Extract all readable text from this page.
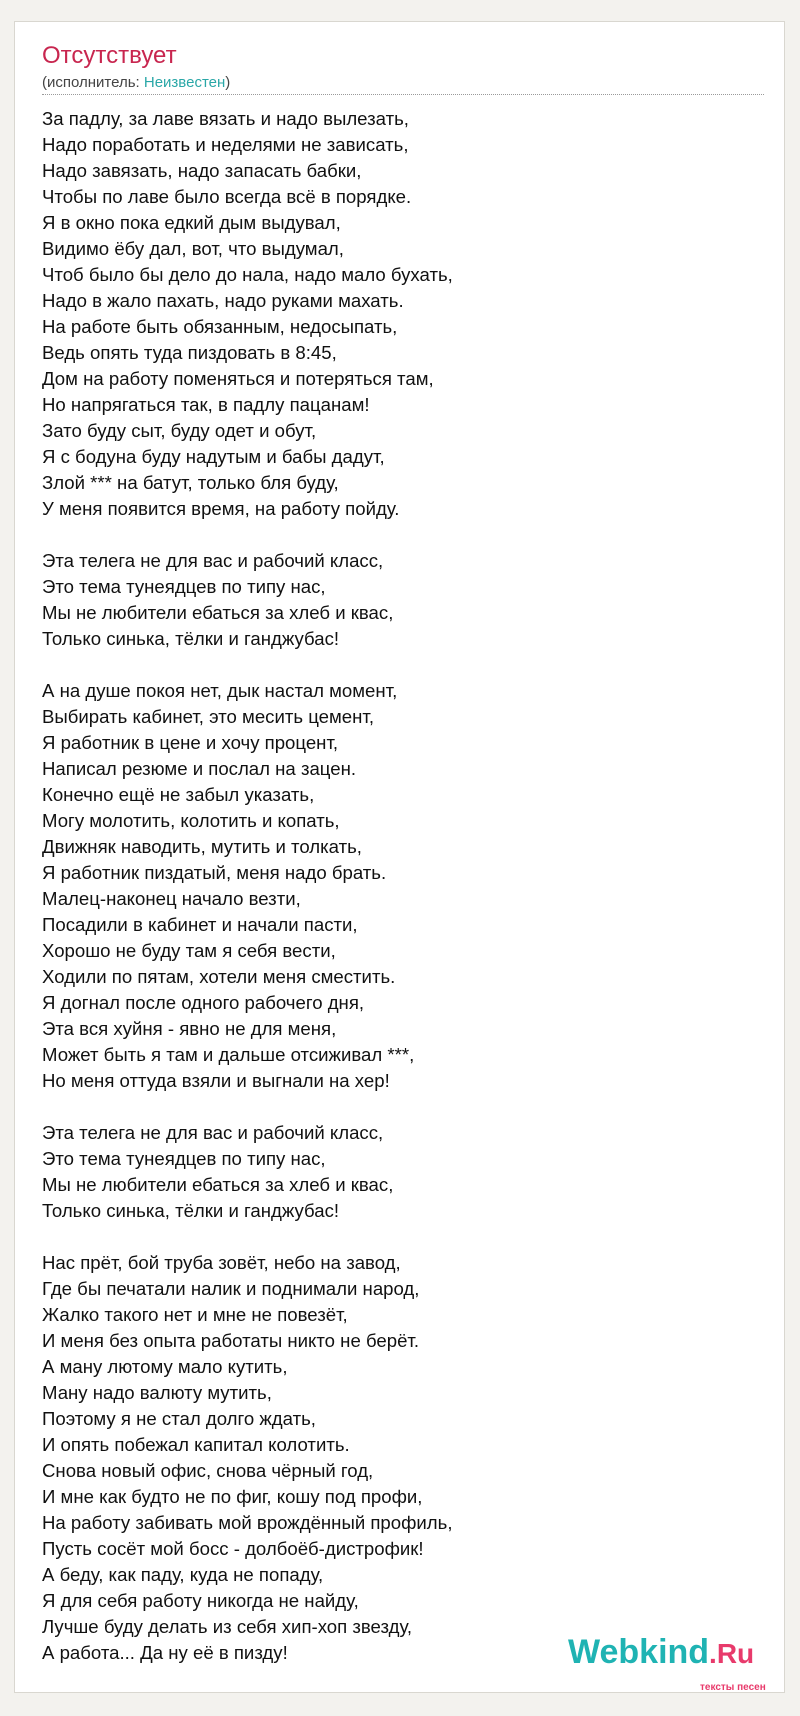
Отсутствует
(исполнитель: Неизвестен)
За падлу, за лаве вязать и надо вылезать,
Надо поработать и неделями не зависать,
Надо завязать, надо запасать бабки,
Чтобы по лаве было всегда всё в порядке.
Я в окно пока едкий дым выдувал,
Видимо ёбу дал, вот, что выдумал,
Чтоб было бы дело до нала, надо мало бухать,
Надо в жало пахать, надо руками махать.
На работе быть обязанным, недосыпать,
Ведь опять туда пиздовать в 8:45,
Дом на работу поменяться и потеряться там,
Но напрягаться так, в падлу пацанам!
Зато буду сыт, буду одет и обут,
Я с бодуна буду надутым и бабы дадут,
Злой *** на батут, только бля буду,
У меня появится время, на работу пойду.
Эта телега не для вас и рабочий класс,
Это тема тунеядцев по типу нас,
Мы не любители ебаться за хлеб и квас,
Только синька, тёлки и ганджубас!
А на душе покоя нет, дык настал момент,
Выбирать кабинет, это месить цемент,
Я работник в цене и хочу процент,
Написал резюме и послал на зацен.
Конечно ещё не забыл указать,
Могу молотить, колотить и копать,
Движняк наводить, мутить и толкать,
Я работник пиздатый, меня надо брать.
Малец-наконец начало везти,
Посадили в кабинет и начали пасти,
Хорошо не буду там я себя вести,
Ходили по пятам, хотели меня сместить.
Я догнал после одного рабочего дня,
Эта вся хуйня - явно не для меня,
Может быть я там и дальше отсиживал ***,
Но меня оттуда взяли и выгнали на хер!
Эта телега не для вас и рабочий класс,
Это тема тунеядцев по типу нас,
Мы не любители ебаться за хлеб и квас,
Только синька, тёлки и ганджубас!
Нас прёт, бой труба зовёт, небо на завод,
Где бы печатали налик и поднимали народ,
Жалко такого нет и мне не повезёт,
И меня без опыта работаты никто не берёт.
А ману лютому мало кутить,
Ману надо валюту мутить,
Поэтому я не стал долго ждать,
И опять побежал капитал колотить.
Снова новый офис, снова чёрный год,
И мне как будто не по фиг, кошу под профи,
На работу забивать мой врождённый профиль,
Пусть сосёт мой босс - долбоёб-дистрофик!
А беду, как паду, куда не попаду,
Я для себя работу никогда не найду,
Лучше буду делать из себя хип-хоп звезду,
А работа... Да ну её в пизду!	Webkind.Ru
тексты песен
